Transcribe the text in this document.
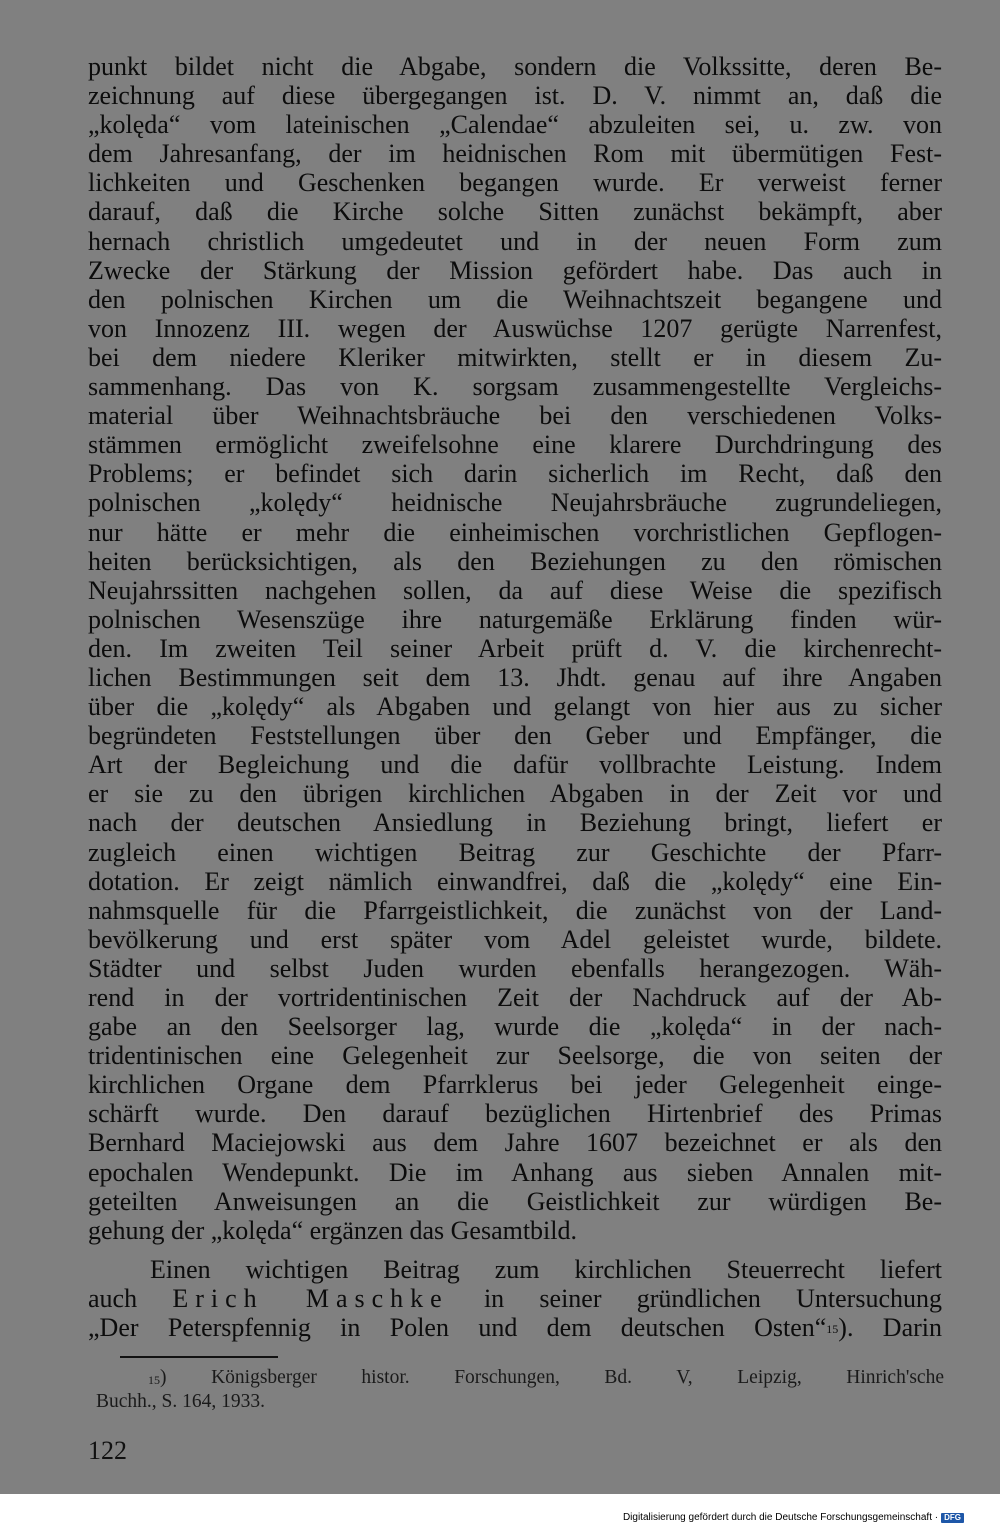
punkt bildet nicht die Abgabe, sondern die Volkssitte, deren Be-
zeichnung auf diese übergegangen ist. D. V. nimmt an, daß die
„kolęda“ vom lateinischen „Calendae“ abzuleiten sei, u. zw. von
dem Jahresanfang, der im heidnischen Rom mit übermütigen Fest-
lichkeiten und Geschenken begangen wurde. Er verweist ferner
darauf, daß die Kirche solche Sitten zunächst bekämpft, aber
hernach christlich umgedeutet und in der neuen Form zum
Zwecke der Stärkung der Mission gefördert habe. Das auch in
den polnischen Kirchen um die Weihnachtszeit begangene und
von Innozenz III. wegen der Auswüchse 1207 gerügte Narrenfest,
bei dem niedere Kleriker mitwirkten, stellt er in diesem Zu-
sammenhang. Das von K. sorgsam zusammengestellte Vergleichs-
material über Weihnachtsbräuche bei den verschiedenen Volks-
stämmen ermöglicht zweifelsohne eine klarere Durchdringung des
Problems; er befindet sich darin sicherlich im Recht, daß den
polnischen „kolędy“ heidnische Neujahrsbräuche zugrundeliegen,
nur hätte er mehr die einheimischen vorchristlichen Gepflogen-
heiten berücksichtigen, als den Beziehungen zu den römischen
Neujahrssitten nachgehen sollen, da auf diese Weise die spezifisch
polnischen Wesenszüge ihre naturgemäße Erklärung finden wür-
den. Im zweiten Teil seiner Arbeit prüft d. V. die kirchenrecht-
lichen Bestimmungen seit dem 13. Jhdt. genau auf ihre Angaben
über die „kolędy“ als Abgaben und gelangt von hier aus zu sicher
begründeten Feststellungen über den Geber und Empfänger, die
Art der Begleichung und die dafür vollbrachte Leistung. Indem
er sie zu den übrigen kirchlichen Abgaben in der Zeit vor und
nach der deutschen Ansiedlung in Beziehung bringt, liefert er
zugleich einen wichtigen Beitrag zur Geschichte der Pfarr-
dotation. Er zeigt nämlich einwandfrei, daß die „kolędy“ eine Ein-
nahmsquelle für die Pfarrgeistlichkeit, die zunächst von der Land-
bevölkerung und erst später vom Adel geleistet wurde, bildete.
Städter und selbst Juden wurden ebenfalls herangezogen. Wäh-
rend in der vortridentinischen Zeit der Nachdruck auf der Ab-
gabe an den Seelsorger lag, wurde die „kolęda“ in der nach-
tridentinischen eine Gelegenheit zur Seelsorge, die von seiten der
kirchlichen Organe dem Pfarrklerus bei jeder Gelegenheit einge-
schärft wurde. Den darauf bezüglichen Hirtenbrief des Primas
Bernhard Maciejowski aus dem Jahre 1607 bezeichnet er als den
epochalen Wendepunkt. Die im Anhang aus sieben Annalen mit-
geteilten Anweisungen an die Geistlichkeit zur würdigen Be-
gehung der „kolęda“ ergänzen das Gesamtbild.
Einen wichtigen Beitrag zum kirchlichen Steuerrecht liefert
auch Erich Maschke in seiner gründlichen Untersuchung
„Der Peterspfennig in Polen und dem deutschen Osten“$^{15}$). Darin
$^{15}$) Königsberger histor. Forschungen, Bd. V, Leipzig, Hinrich'sche
Buchh., S. 164, 1933.
122
Digitalisierung gefördert durch die Deutsche Forschungsgemeinschaft · DFG
